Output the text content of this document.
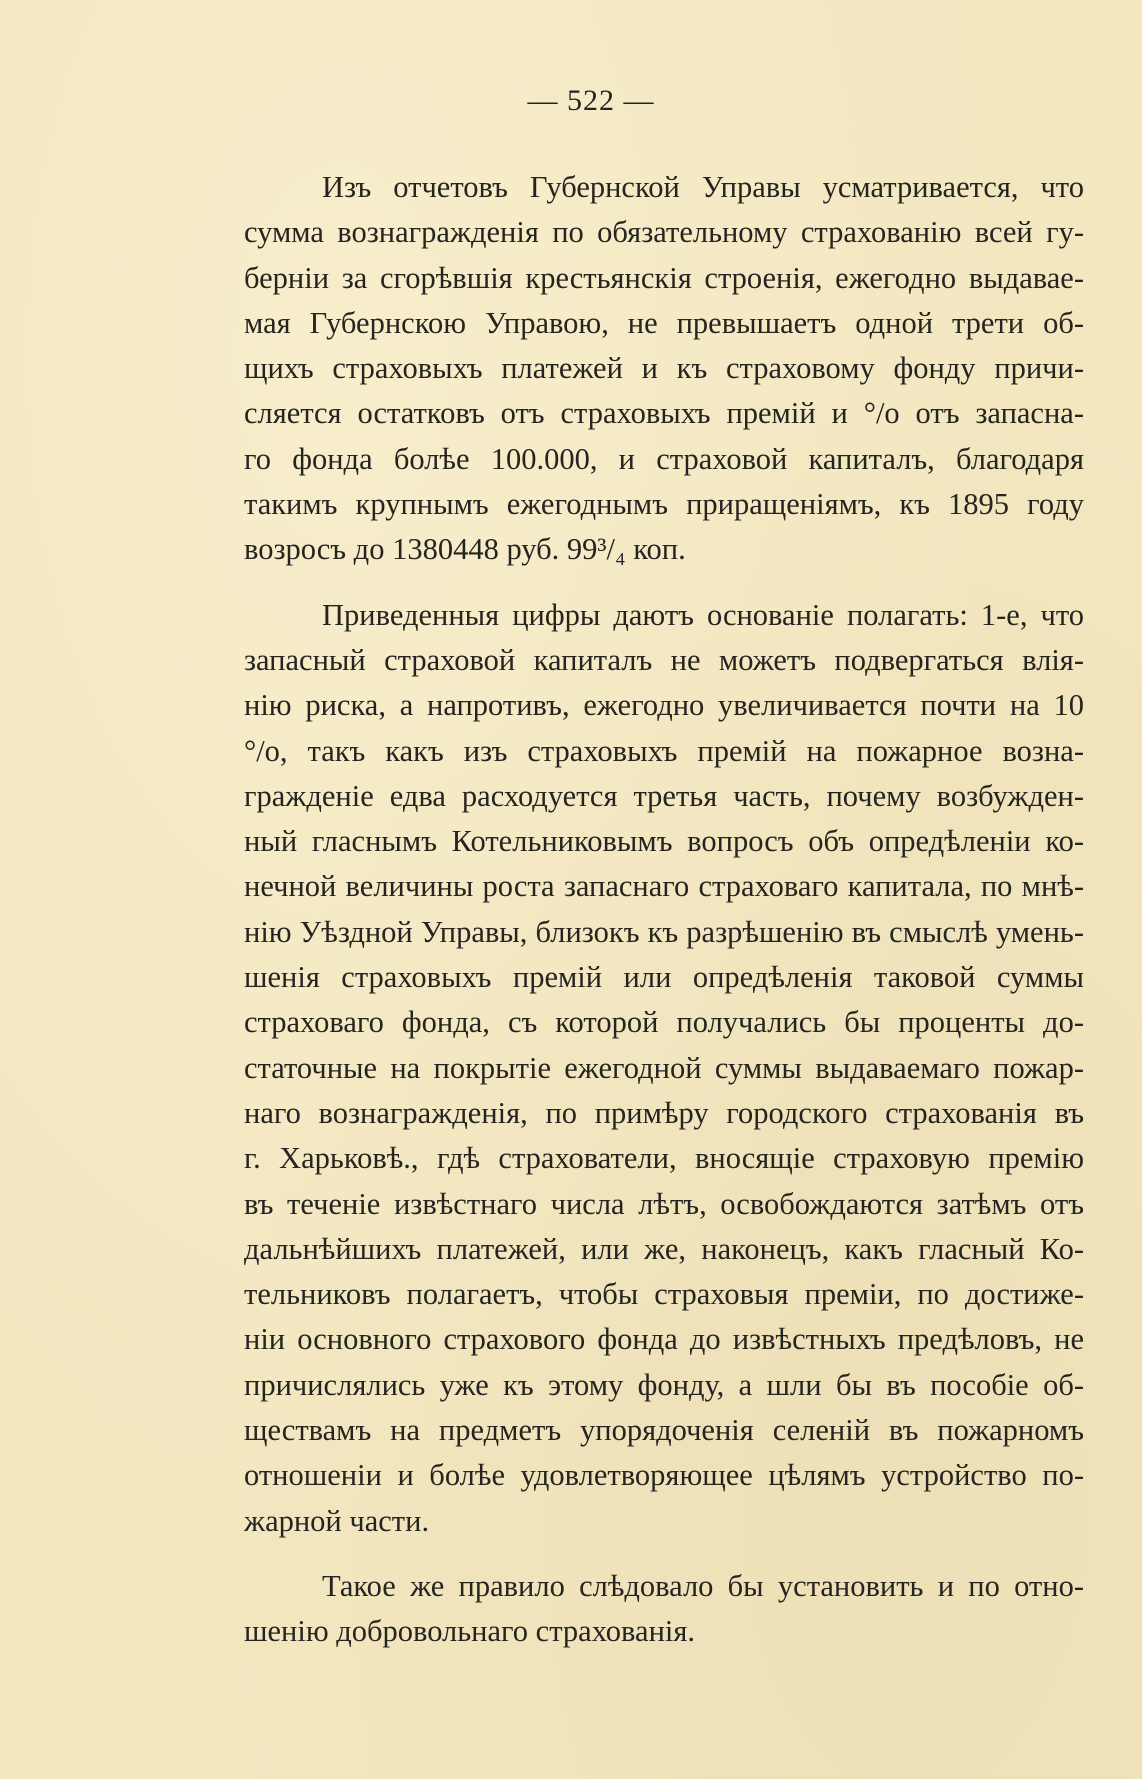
— 522 —

Изъ отчетовъ Губернской Управы усматривается, что
сумма вознагражденія по обязательному страхованію всей гу-
берніи за сгорѣвшія крестьянскія строенія, ежегодно выдавае-
мая Губернскою Управою, не превышаетъ одной трети об-
щихъ страховыхъ платежей и къ страховому фонду причи-
сляется остатковъ отъ страховыхъ премій и °/о отъ запасна-
го фонда болѣе 100.000, и страховой капиталъ, благодаря
такимъ крупнымъ ежегоднымъ приращеніямъ, къ 1895 году
возросъ до 1380448 руб. 99³/₄ коп.

Приведенныя цифры даютъ основаніе полагать: 1-е, что
запасный страховой капиталъ не можетъ подвергаться влія-
нію риска, а напротивъ, ежегодно увеличивается почти на 10
°/о, такъ какъ изъ страховыхъ премій на пожарное возна-
гражденіе едва расходуется третья часть, почему возбужден-
ный гласнымъ Котельниковымъ вопросъ объ опредѣленіи ко-
нечной величины роста запаснаго страховаго капитала, по мнѣ-
нію Уѣздной Управы, близокъ къ разрѣшенію въ смыслѣ умень-
шенія страховыхъ премій или опредѣленія таковой суммы
страховаго фонда, съ которой получались бы проценты до-
статочные на покрытіе ежегодной суммы выдаваемаго пожар-
наго вознагражденія, по примѣру городского страхованія въ
г. Харьковѣ., гдѣ страхователи, вносящіе страховую премію
въ теченіе извѣстнаго числа лѣтъ, освобождаются затѣмъ отъ
дальнѣйшихъ платежей, или же, наконецъ, какъ гласный Ко-
тельниковъ полагаетъ, чтобы страховыя преміи, по достиже-
ніи основного страхового фонда до извѣстныхъ предѣловъ, не
причислялись уже къ этому фонду, а шли бы въ пособіе об-
ществамъ на предметъ упорядоченія селеній въ пожарномъ
отношеніи и болѣе удовлетворяющее цѣлямъ устройство по-
жарной части.

Такое же правило слѣдовало бы установить и по отно-
шенію добровольнаго страхованія.
